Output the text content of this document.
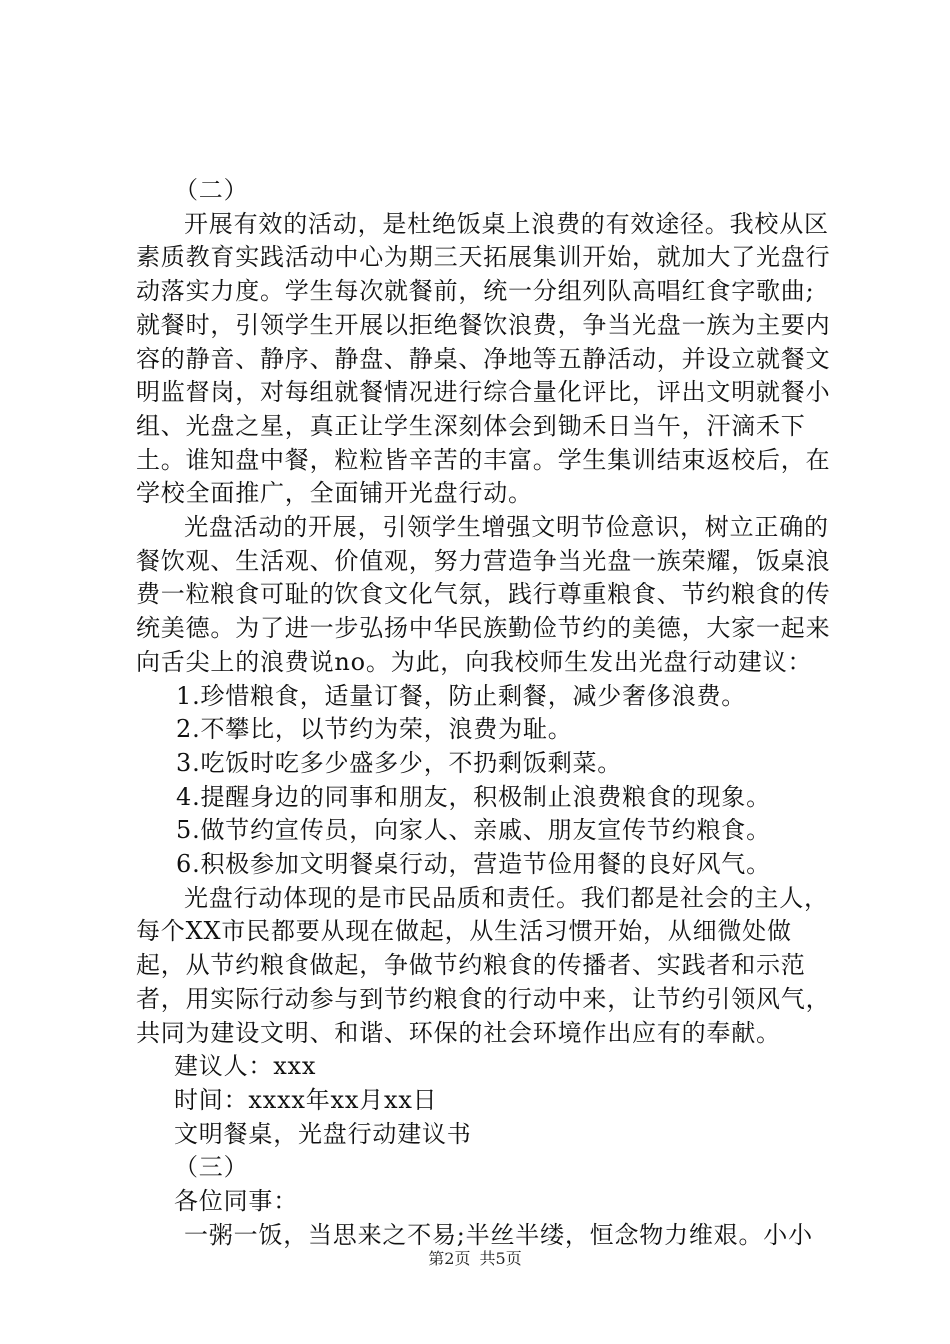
（二）

开展有效的活动，是杜绝饭桌上浪费的有效途径。我校从区素质教育实践活动中心为期三天拓展集训开始，就加大了光盘行动落实力度。学生每次就餐前，统一分组列队高唱红食字歌曲;就餐时，引领学生开展以拒绝餐饮浪费，争当光盘一族为主要内容的静音、静序、静盘、静桌、净地等五静活动，并设立就餐文明监督岗，对每组就餐情况进行综合量化评比，评出文明就餐小组、光盘之星，真正让学生深刻体会到锄禾日当午，汗滴禾下土。谁知盘中餐，粒粒皆辛苦的丰富。学生集训结束返校后，在学校全面推广，全面铺开光盘行动。

光盘活动的开展，引领学生增强文明节俭意识，树立正确的餐饮观、生活观、价值观，努力营造争当光盘一族荣耀，饭桌浪费一粒粮食可耻的饮食文化气氛，践行尊重粮食、节约粮食的传统美德。为了进一步弘扬中华民族勤俭节约的美德，大家一起来向舌尖上的浪费说no。为此，向我校师生发出光盘行动建议：

1.珍惜粮食，适量订餐，防止剩餐，减少奢侈浪费。

2.不攀比，以节约为荣，浪费为耻。

3.吃饭时吃多少盛多少，不扔剩饭剩菜。

4.提醒身边的同事和朋友，积极制止浪费粮食的现象。

5.做节约宣传员，向家人、亲戚、朋友宣传节约粮食。

6.积极参加文明餐桌行动，营造节俭用餐的良好风气。

光盘行动体现的是市民品质和责任。我们都是社会的主人，每个XX市民都要从现在做起，从生活习惯开始，从细微处做起，从节约粮食做起，争做节约粮食的传播者、实践者和示范者，用实际行动参与到节约粮食的行动中来，让节约引领风气，共同为建设文明、和谐、环保的社会环境作出应有的奉献。

建议人：xxx

时间：xxxx年xx月xx日

文明餐桌，光盘行动建议书

（三）

各位同事：

一粥一饭，当思来之不易;半丝半缕，恒念物力维艰。小小

第2页 共5页
